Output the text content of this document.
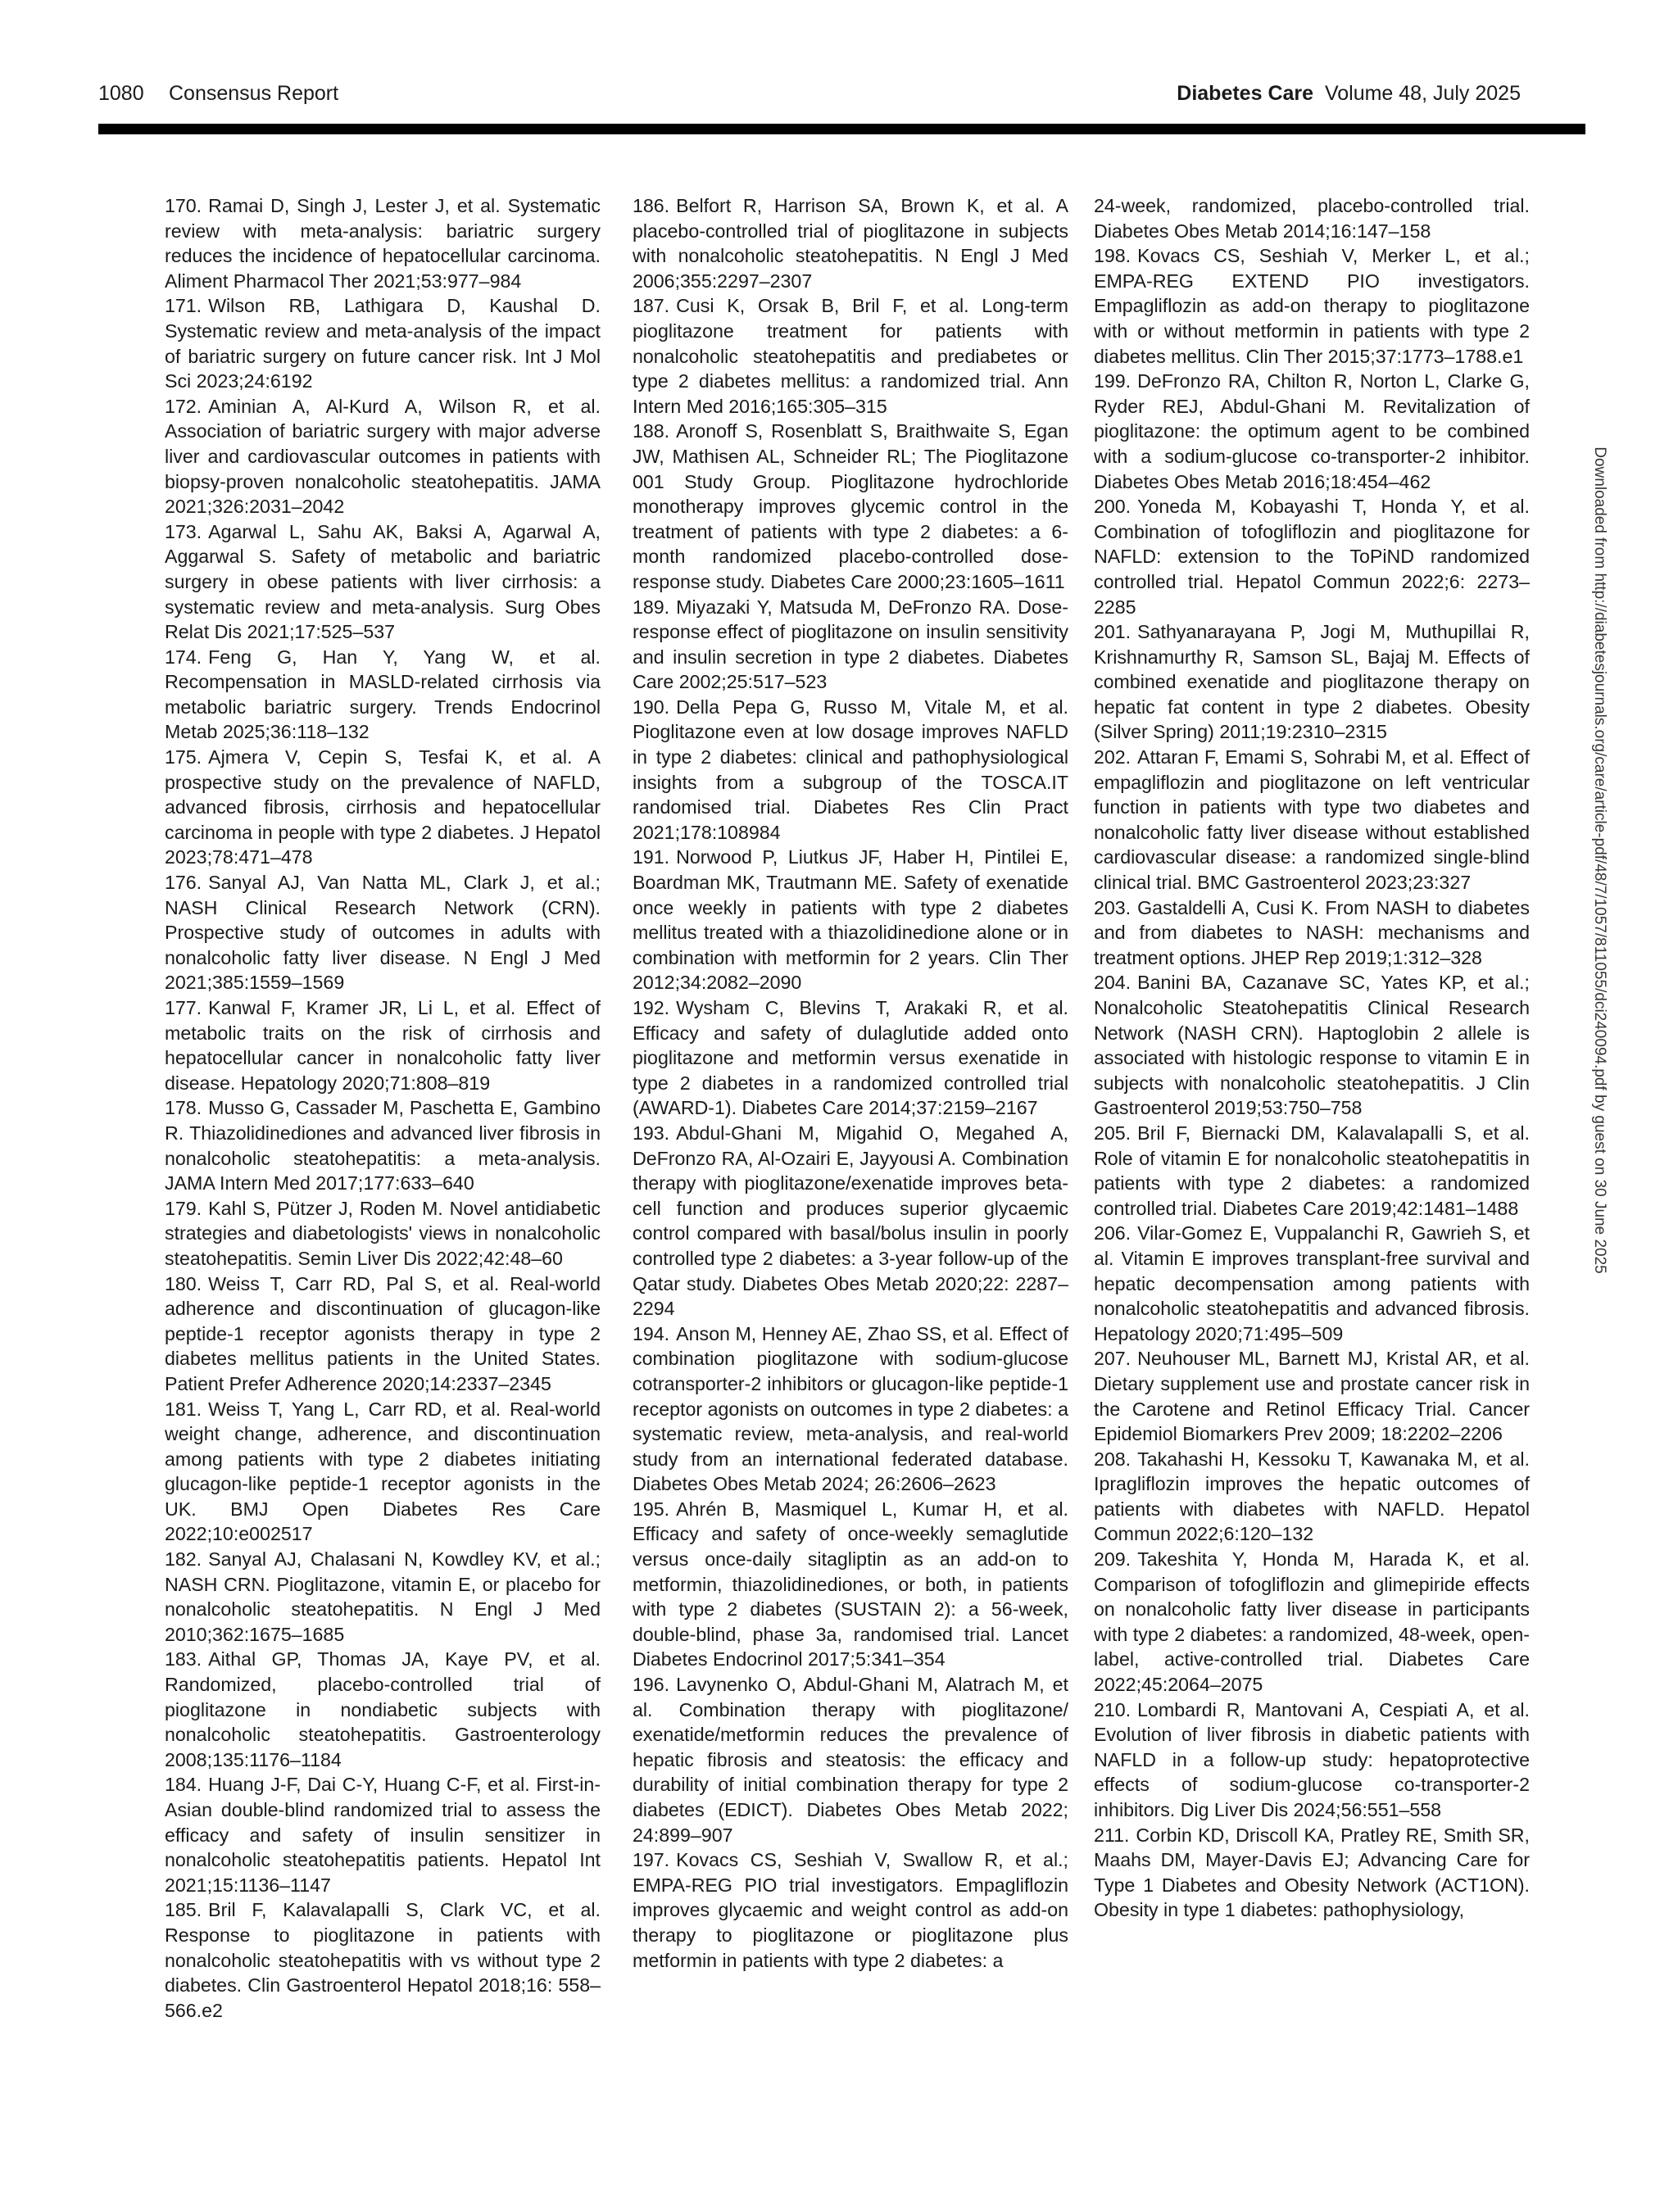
1080 Consensus Report	Diabetes Care Volume 48, July 2025

170. Ramai D, Singh J, Lester J, et al. Systematic review with meta-analysis: bariatric surgery reduces the incidence of hepatocellular carcinoma. Aliment Pharmacol Ther 2021;53:977–984

171. Wilson RB, Lathigara D, Kaushal D. Systematic review and meta-analysis of the impact of bariatric surgery on future cancer risk. Int J Mol Sci 2023;24:6192

172. Aminian A, Al-Kurd A, Wilson R, et al. Association of bariatric surgery with major adverse liver and cardiovascular outcomes in patients with biopsy-proven nonalcoholic steatohepatitis. JAMA 2021;326:2031–2042

173. Agarwal L, Sahu AK, Baksi A, Agarwal A, Aggarwal S. Safety of metabolic and bariatric surgery in obese patients with liver cirrhosis: a systematic review and meta-analysis. Surg Obes Relat Dis 2021;17:525–537

174. Feng G, Han Y, Yang W, et al. Recompensation in MASLD-related cirrhosis via metabolic bariatric surgery. Trends Endocrinol Metab 2025;36:118–132

175. Ajmera V, Cepin S, Tesfai K, et al. A prospective study on the prevalence of NAFLD, advanced fibrosis, cirrhosis and hepatocellular carcinoma in people with type 2 diabetes. J Hepatol 2023;78:471–478

176. Sanyal AJ, Van Natta ML, Clark J, et al.; NASH Clinical Research Network (CRN). Prospective study of outcomes in adults with nonalcoholic fatty liver disease. N Engl J Med 2021;385:1559–1569

177. Kanwal F, Kramer JR, Li L, et al. Effect of metabolic traits on the risk of cirrhosis and hepatocellular cancer in nonalcoholic fatty liver disease. Hepatology 2020;71:808–819

178. Musso G, Cassader M, Paschetta E, Gambino R. Thiazolidinediones and advanced liver fibrosis in nonalcoholic steatohepatitis: a meta-analysis. JAMA Intern Med 2017;177:633–640

179. Kahl S, Pützer J, Roden M. Novel antidiabetic strategies and diabetologists' views in nonalcoholic steatohepatitis. Semin Liver Dis 2022;42:48–60

180. Weiss T, Carr RD, Pal S, et al. Real-world adherence and discontinuation of glucagon-like peptide-1 receptor agonists therapy in type 2 diabetes mellitus patients in the United States. Patient Prefer Adherence 2020;14:2337–2345

181. Weiss T, Yang L, Carr RD, et al. Real-world weight change, adherence, and discontinuation among patients with type 2 diabetes initiating glucagon-like peptide-1 receptor agonists in the UK. BMJ Open Diabetes Res Care 2022;10:e002517

182. Sanyal AJ, Chalasani N, Kowdley KV, et al.; NASH CRN. Pioglitazone, vitamin E, or placebo for nonalcoholic steatohepatitis. N Engl J Med 2010;362:1675–1685

183. Aithal GP, Thomas JA, Kaye PV, et al. Randomized, placebo-controlled trial of pioglitazone in nondiabetic subjects with nonalcoholic steatohepatitis. Gastroenterology 2008;135:1176–1184

184. Huang J-F, Dai C-Y, Huang C-F, et al. First-in-Asian double-blind randomized trial to assess the efficacy and safety of insulin sensitizer in nonalcoholic steatohepatitis patients. Hepatol Int 2021;15:1136–1147

185. Bril F, Kalavalapalli S, Clark VC, et al. Response to pioglitazone in patients with nonalcoholic steatohepatitis with vs without type 2 diabetes. Clin Gastroenterol Hepatol 2018;16: 558–566.e2

186. Belfort R, Harrison SA, Brown K, et al. A placebo-controlled trial of pioglitazone in subjects with nonalcoholic steatohepatitis. N Engl J Med 2006;355:2297–2307

187. Cusi K, Orsak B, Bril F, et al. Long-term pioglitazone treatment for patients with nonalcoholic steatohepatitis and prediabetes or type 2 diabetes mellitus: a randomized trial. Ann Intern Med 2016;165:305–315

188. Aronoff S, Rosenblatt S, Braithwaite S, Egan JW, Mathisen AL, Schneider RL; The Pioglitazone 001 Study Group. Pioglitazone hydrochloride monotherapy improves glycemic control in the treatment of patients with type 2 diabetes: a 6-month randomized placebo-controlled dose-response study. Diabetes Care 2000;23:1605–1611

189. Miyazaki Y, Matsuda M, DeFronzo RA. Dose-response effect of pioglitazone on insulin sensitivity and insulin secretion in type 2 diabetes. Diabetes Care 2002;25:517–523

190. Della Pepa G, Russo M, Vitale M, et al. Pioglitazone even at low dosage improves NAFLD in type 2 diabetes: clinical and pathophysiological insights from a subgroup of the TOSCA.IT randomised trial. Diabetes Res Clin Pract 2021;178:108984

191. Norwood P, Liutkus JF, Haber H, Pintilei E, Boardman MK, Trautmann ME. Safety of exenatide once weekly in patients with type 2 diabetes mellitus treated with a thiazolidinedione alone or in combination with metformin for 2 years. Clin Ther 2012;34:2082–2090

192. Wysham C, Blevins T, Arakaki R, et al. Efficacy and safety of dulaglutide added onto pioglitazone and metformin versus exenatide in type 2 diabetes in a randomized controlled trial (AWARD-1). Diabetes Care 2014;37:2159–2167

193. Abdul-Ghani M, Migahid O, Megahed A, DeFronzo RA, Al-Ozairi E, Jayyousi A. Combination therapy with pioglitazone/exenatide improves beta-cell function and produces superior glycaemic control compared with basal/bolus insulin in poorly controlled type 2 diabetes: a 3-year follow-up of the Qatar study. Diabetes Obes Metab 2020;22: 2287–2294

194. Anson M, Henney AE, Zhao SS, et al. Effect of combination pioglitazone with sodium-glucose cotransporter-2 inhibitors or glucagon-like peptide-1 receptor agonists on outcomes in type 2 diabetes: a systematic review, meta-analysis, and real-world study from an international federated database. Diabetes Obes Metab 2024; 26:2606–2623

195. Ahrén B, Masmiquel L, Kumar H, et al. Efficacy and safety of once-weekly semaglutide versus once-daily sitagliptin as an add-on to metformin, thiazolidinediones, or both, in patients with type 2 diabetes (SUSTAIN 2): a 56-week, double-blind, phase 3a, randomised trial. Lancet Diabetes Endocrinol 2017;5:341–354

196. Lavynenko O, Abdul-Ghani M, Alatrach M, et al. Combination therapy with pioglitazone/ exenatide/metformin reduces the prevalence of hepatic fibrosis and steatosis: the efficacy and durability of initial combination therapy for type 2 diabetes (EDICT). Diabetes Obes Metab 2022; 24:899–907

197. Kovacs CS, Seshiah V, Swallow R, et al.; EMPA-REG PIO trial investigators. Empagliflozin improves glycaemic and weight control as add-on therapy to pioglitazone or pioglitazone plus metformin in patients with type 2 diabetes: a

24-week, randomized, placebo-controlled trial. Diabetes Obes Metab 2014;16:147–158

198. Kovacs CS, Seshiah V, Merker L, et al.; EMPA-REG EXTEND PIO investigators. Empagliflozin as add-on therapy to pioglitazone with or without metformin in patients with type 2 diabetes mellitus. Clin Ther 2015;37:1773–1788.e1

199. DeFronzo RA, Chilton R, Norton L, Clarke G, Ryder REJ, Abdul-Ghani M. Revitalization of pioglitazone: the optimum agent to be combined with a sodium-glucose co-transporter-2 inhibitor. Diabetes Obes Metab 2016;18:454–462

200. Yoneda M, Kobayashi T, Honda Y, et al. Combination of tofogliflozin and pioglitazone for NAFLD: extension to the ToPiND randomized controlled trial. Hepatol Commun 2022;6: 2273–2285

201. Sathyanarayana P, Jogi M, Muthupillai R, Krishnamurthy R, Samson SL, Bajaj M. Effects of combined exenatide and pioglitazone therapy on hepatic fat content in type 2 diabetes. Obesity (Silver Spring) 2011;19:2310–2315

202. Attaran F, Emami S, Sohrabi M, et al. Effect of empagliflozin and pioglitazone on left ventricular function in patients with type two diabetes and nonalcoholic fatty liver disease without established cardiovascular disease: a randomized single-blind clinical trial. BMC Gastroenterol 2023;23:327

203. Gastaldelli A, Cusi K. From NASH to diabetes and from diabetes to NASH: mechanisms and treatment options. JHEP Rep 2019;1:312–328

204. Banini BA, Cazanave SC, Yates KP, et al.; Nonalcoholic Steatohepatitis Clinical Research Network (NASH CRN). Haptoglobin 2 allele is associated with histologic response to vitamin E in subjects with nonalcoholic steatohepatitis. J Clin Gastroenterol 2019;53:750–758

205. Bril F, Biernacki DM, Kalavalapalli S, et al. Role of vitamin E for nonalcoholic steatohepatitis in patients with type 2 diabetes: a randomized controlled trial. Diabetes Care 2019;42:1481–1488

206. Vilar-Gomez E, Vuppalanchi R, Gawrieh S, et al. Vitamin E improves transplant-free survival and hepatic decompensation among patients with nonalcoholic steatohepatitis and advanced fibrosis. Hepatology 2020;71:495–509

207. Neuhouser ML, Barnett MJ, Kristal AR, et al. Dietary supplement use and prostate cancer risk in the Carotene and Retinol Efficacy Trial. Cancer Epidemiol Biomarkers Prev 2009; 18:2202–2206

208. Takahashi H, Kessoku T, Kawanaka M, et al. Ipragliflozin improves the hepatic outcomes of patients with diabetes with NAFLD. Hepatol Commun 2022;6:120–132

209. Takeshita Y, Honda M, Harada K, et al. Comparison of tofogliflozin and glimepiride effects on nonalcoholic fatty liver disease in participants with type 2 diabetes: a randomized, 48-week, open-label, active-controlled trial. Diabetes Care 2022;45:2064–2075

210. Lombardi R, Mantovani A, Cespiati A, et al. Evolution of liver fibrosis in diabetic patients with NAFLD in a follow-up study: hepatoprotective effects of sodium-glucose co-transporter-2 inhibitors. Dig Liver Dis 2024;56:551–558

211. Corbin KD, Driscoll KA, Pratley RE, Smith SR, Maahs DM, Mayer-Davis EJ; Advancing Care for Type 1 Diabetes and Obesity Network (ACT1ON). Obesity in type 1 diabetes: pathophysiology,

Downloaded from http://diabetesjournals.org/care/article-pdf/48/7/1057/811055/dci240094.pdf by guest on 30 June 2025
